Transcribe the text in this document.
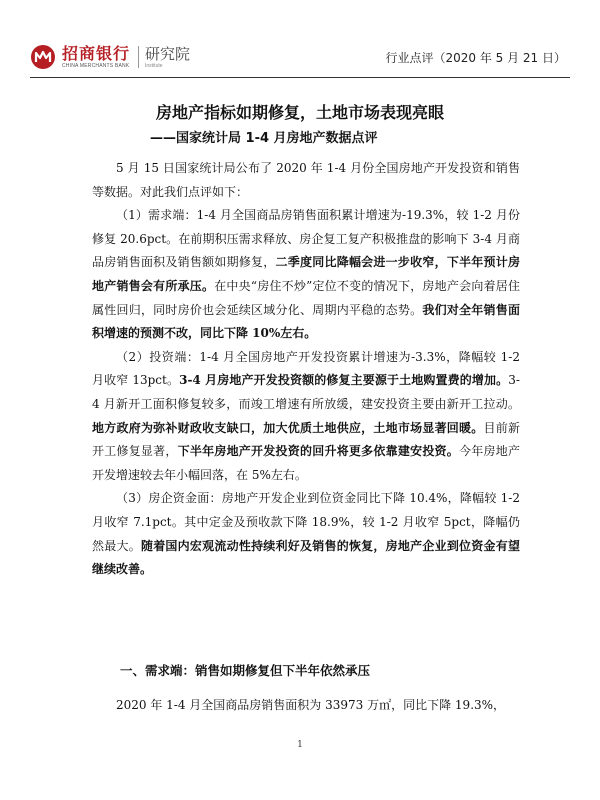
招商银行
CHINA MERCHANTS BANK
研究院
Institute
行业点评（2020 年 5 月 21 日）
房地产指标如期修复，土地市场表现亮眼
——国家统计局 1-4 月房地产数据点评

5 月 15 日国家统计局公布了 2020 年 1-4 月份全国房地产开发投资和销售等数据。对此我们点评如下：

（1）需求端：1-4 月全国商品房销售面积累计增速为-19.3%，较 1-2 月份修复 20.6pct。在前期积压需求释放、房企复工复产积极推盘的影响下 3-4 月商品房销售面积及销售额如期修复，二季度同比降幅会进一步收窄，下半年预计房地产销售会有所承压。在中央“房住不炒”定位不变的情况下，房地产会向着居住属性回归，同时房价也会延续区域分化、周期内平稳的态势。我们对全年销售面积增速的预测不改，同比下降 10%左右。

（2）投资端：1-4 月全国房地产开发投资累计增速为-3.3%，降幅较 1-2 月收窄 13pct。3-4 月房地产开发投资额的修复主要源于土地购置费的增加。3-4 月新开工面积修复较多，而竣工增速有所放缓，建安投资主要由新开工拉动。地方政府为弥补财政收支缺口，加大优质土地供应，土地市场显著回暖。目前新开工修复显著，下半年房地产开发投资的回升将更多依靠建安投资。今年房地产开发增速较去年小幅回落，在 5%左右。

（3）房企资金面：房地产开发企业到位资金同比下降 10.4%，降幅较 1-2 月收窄 7.1pct。其中定金及预收款下降 18.9%，较 1-2 月收窄 5pct，降幅仍然最大。随着国内宏观流动性持续利好及销售的恢复，房地产企业到位资金有望继续改善。

一、需求端：销售如期修复但下半年依然承压

2020 年 1-4 月全国商品房销售面积为 33973 万㎡，同比下降 19.3%，

1
